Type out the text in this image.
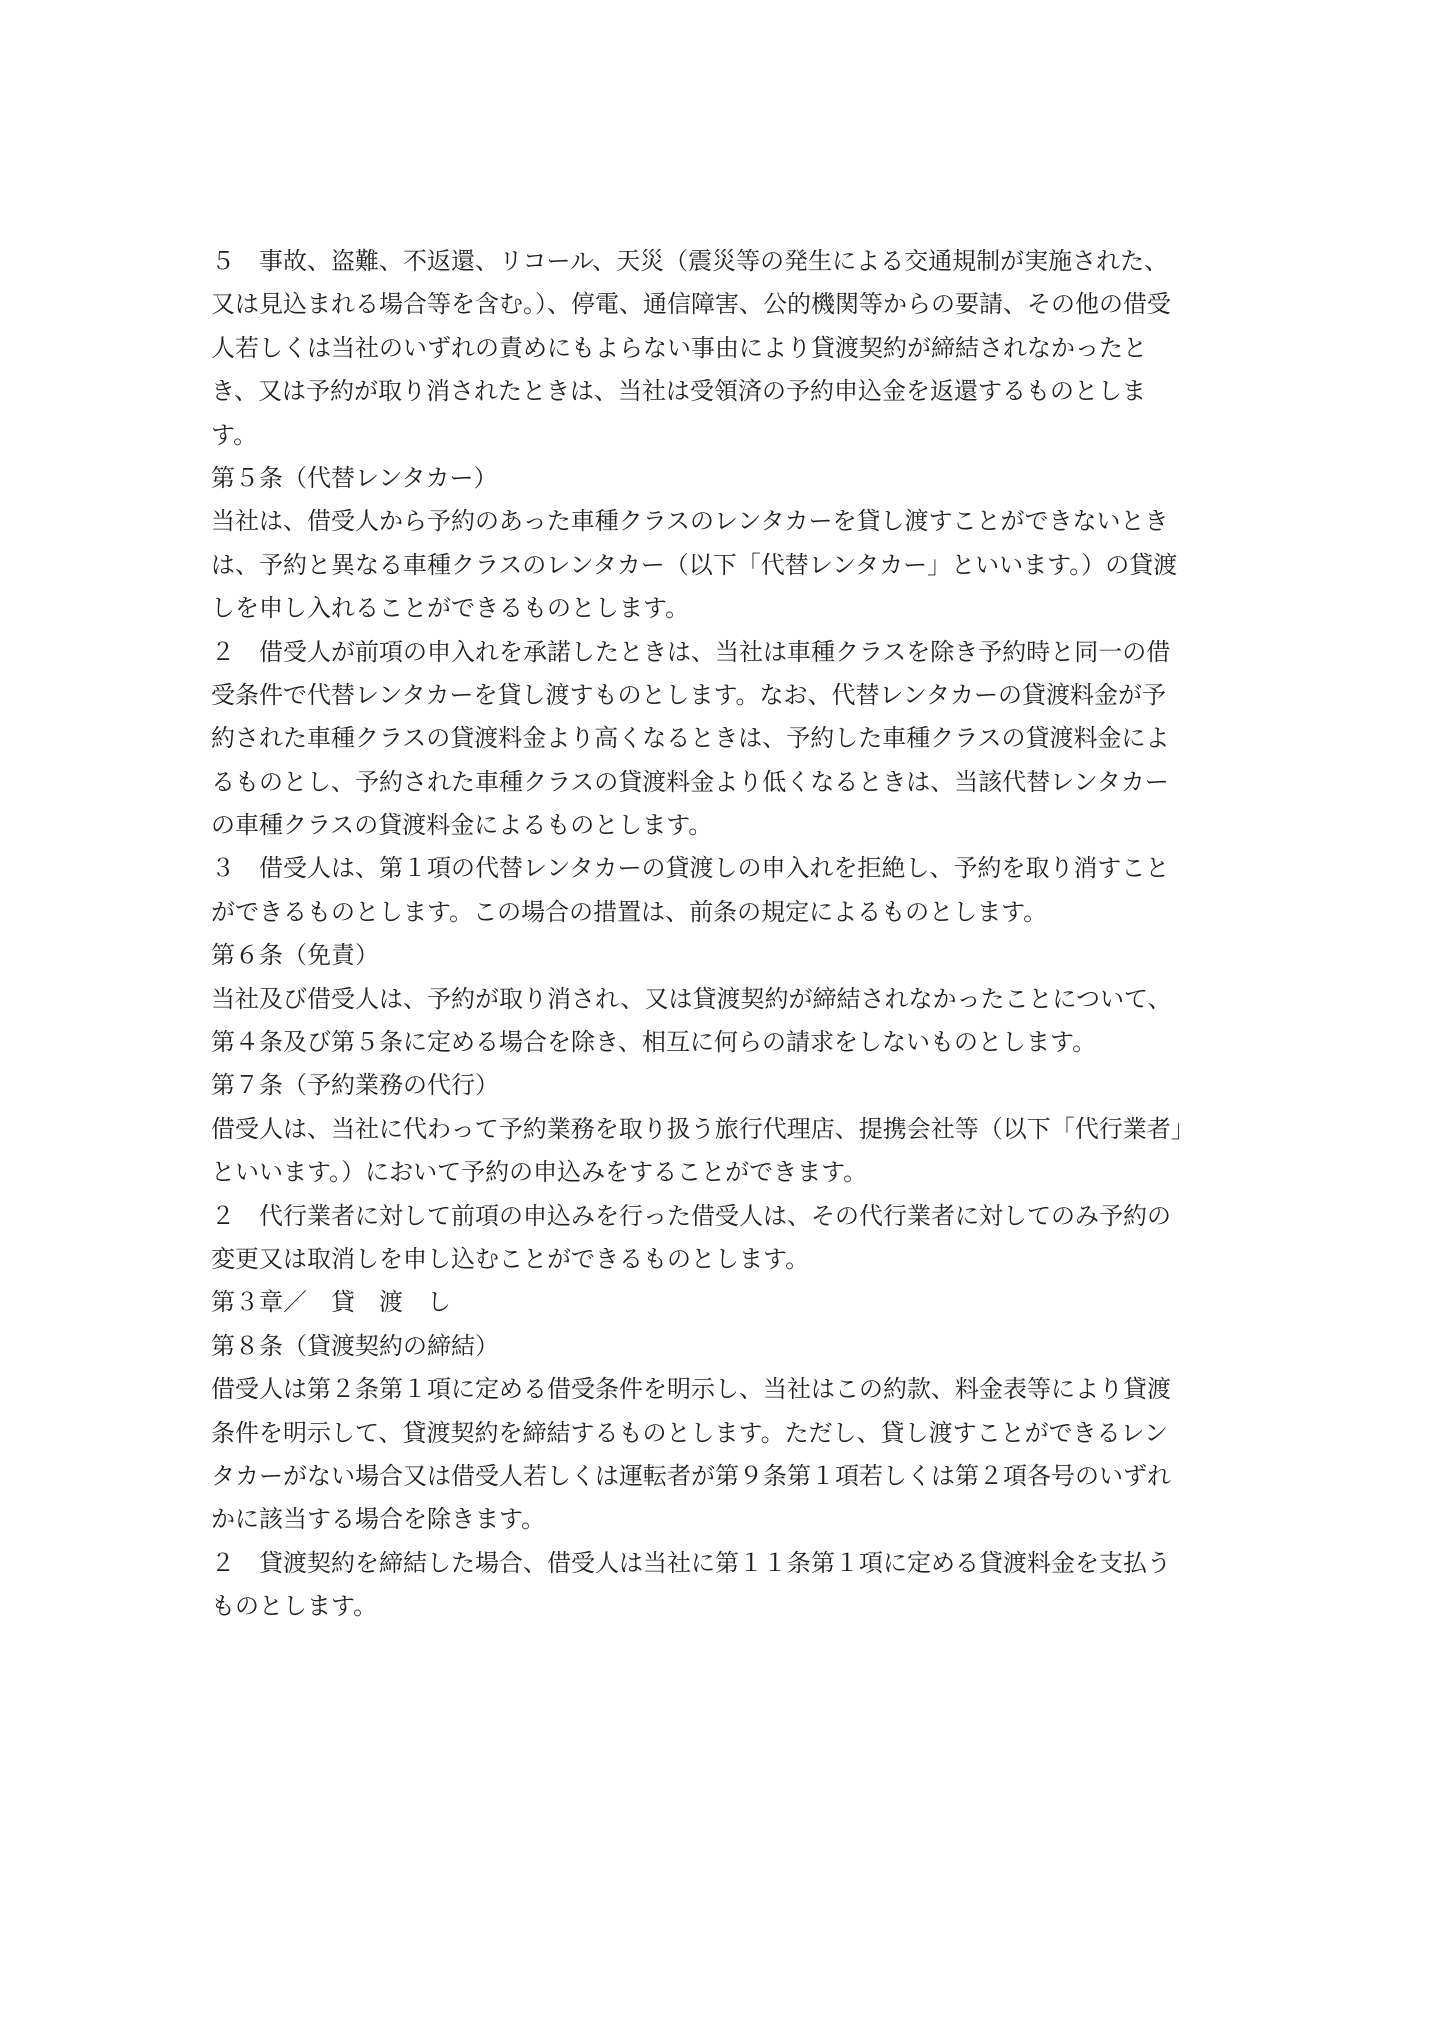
５　事故、盗難、不返還、リコール、天災（震災等の発生による交通規制が実施された、
又は見込まれる場合等を含む。）、停電、通信障害、公的機関等からの要請、その他の借受
人若しくは当社のいずれの責めにもよらない事由により貸渡契約が締結されなかったと
き、又は予約が取り消されたときは、当社は受領済の予約申込金を返還するものとしま
す。
第５条（代替レンタカー）
当社は、借受人から予約のあった車種クラスのレンタカーを貸し渡すことができないとき
は、予約と異なる車種クラスのレンタカー（以下「代替レンタカー」といいます。）の貸渡
しを申し入れることができるものとします。
２　借受人が前項の申入れを承諾したときは、当社は車種クラスを除き予約時と同一の借
受条件で代替レンタカーを貸し渡すものとします。なお、代替レンタカーの貸渡料金が予
約された車種クラスの貸渡料金より高くなるときは、予約した車種クラスの貸渡料金によ
るものとし、予約された車種クラスの貸渡料金より低くなるときは、当該代替レンタカー
の車種クラスの貸渡料金によるものとします。
３　借受人は、第１項の代替レンタカーの貸渡しの申入れを拒絶し、予約を取り消すこと
ができるものとします。この場合の措置は、前条の規定によるものとします。
第６条（免責）
当社及び借受人は、予約が取り消され、又は貸渡契約が締結されなかったことについて、
第４条及び第５条に定める場合を除き、相互に何らの請求をしないものとします。
第７条（予約業務の代行）
借受人は、当社に代わって予約業務を取り扱う旅行代理店、提携会社等（以下「代行業者」
といいます。）において予約の申込みをすることができます。
２　代行業者に対して前項の申込みを行った借受人は、その代行業者に対してのみ予約の
変更又は取消しを申し込むことができるものとします。
第３章／　貸　渡　し
第８条（貸渡契約の締結）
借受人は第２条第１項に定める借受条件を明示し、当社はこの約款、料金表等により貸渡
条件を明示して、貸渡契約を締結するものとします。ただし、貸し渡すことができるレン
タカーがない場合又は借受人若しくは運転者が第９条第１項若しくは第２項各号のいずれ
かに該当する場合を除きます。
２　貸渡契約を締結した場合、借受人は当社に第１１条第１項に定める貸渡料金を支払う
ものとします。
